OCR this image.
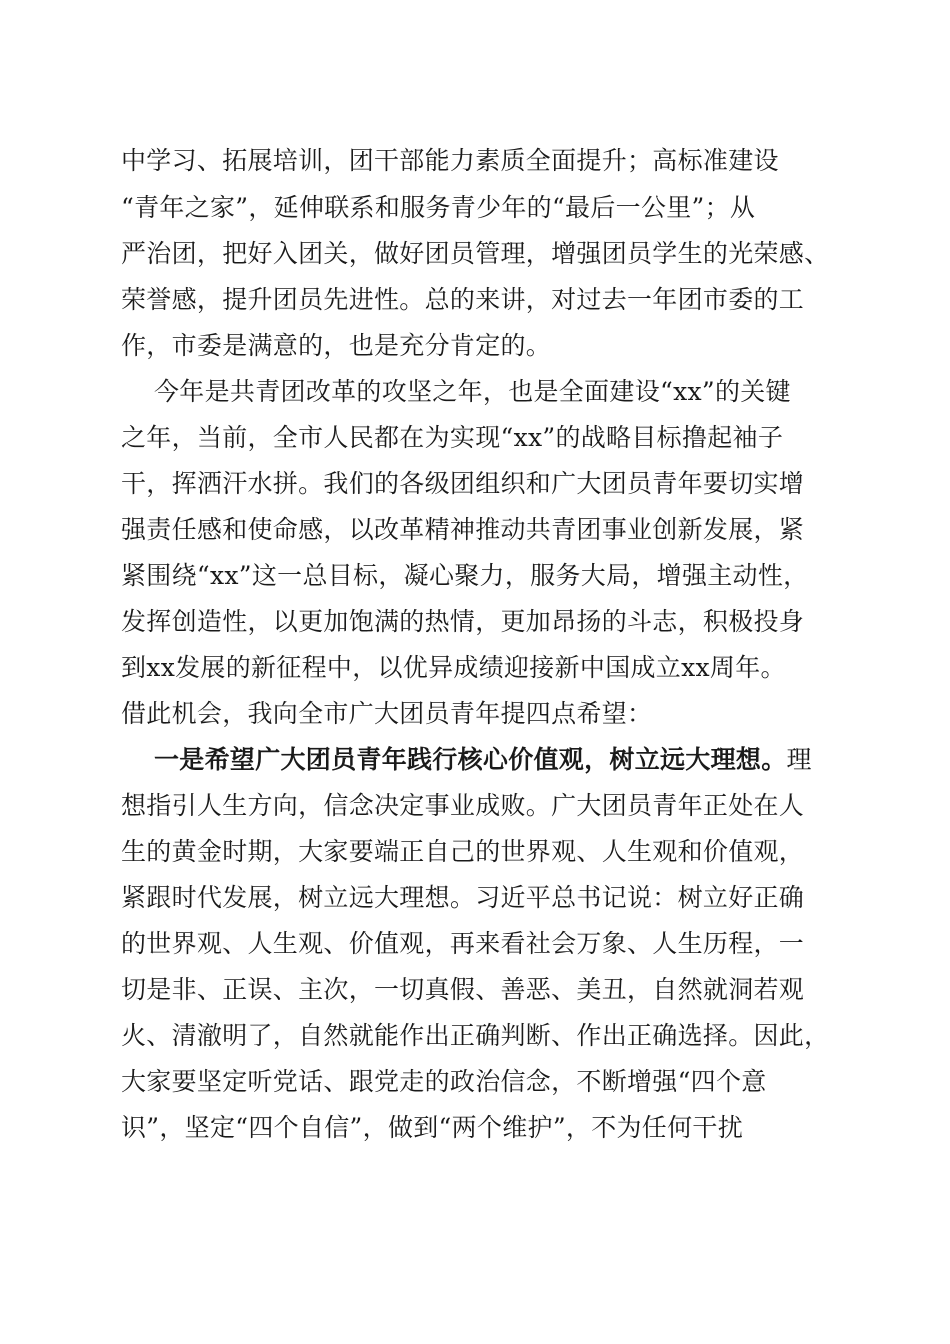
中学习、拓展培训，团干部能力素质全面提升；高标准建设
“青年之家”，延伸联系和服务青少年的“最后一公里”；从
严治团，把好入团关，做好团员管理，增强团员学生的光荣感、
荣誉感，提升团员先进性。总的来讲，对过去一年团市委的工
作，市委是满意的，也是充分肯定的。
今年是共青团改革的攻坚之年，也是全面建设“xx”的关键
之年，当前，全市人民都在为实现“xx”的战略目标撸起袖子
干，挥洒汗水拼。我们的各级团组织和广大团员青年要切实增
强责任感和使命感，以改革精神推动共青团事业创新发展，紧
紧围绕“xx”这一总目标，凝心聚力，服务大局，增强主动性，
发挥创造性，以更加饱满的热情，更加昂扬的斗志，积极投身
到xx发展的新征程中，以优异成绩迎接新中国成立xx周年。
借此机会，我向全市广大团员青年提四点希望：
一是希望广大团员青年践行核心价值观，树立远大理想。理
想指引人生方向，信念决定事业成败。广大团员青年正处在人
生的黄金时期，大家要端正自己的世界观、人生观和价值观，
紧跟时代发展，树立远大理想。习近平总书记说：树立好正确
的世界观、人生观、价值观，再来看社会万象、人生历程，一
切是非、正误、主次，一切真假、善恶、美丑，自然就洞若观
火、清澈明了，自然就能作出正确判断、作出正确选择。因此，
大家要坚定听党话、跟党走的政治信念，不断增强“四个意
识”，坚定“四个自信”，做到“两个维护”，不为任何干扰
